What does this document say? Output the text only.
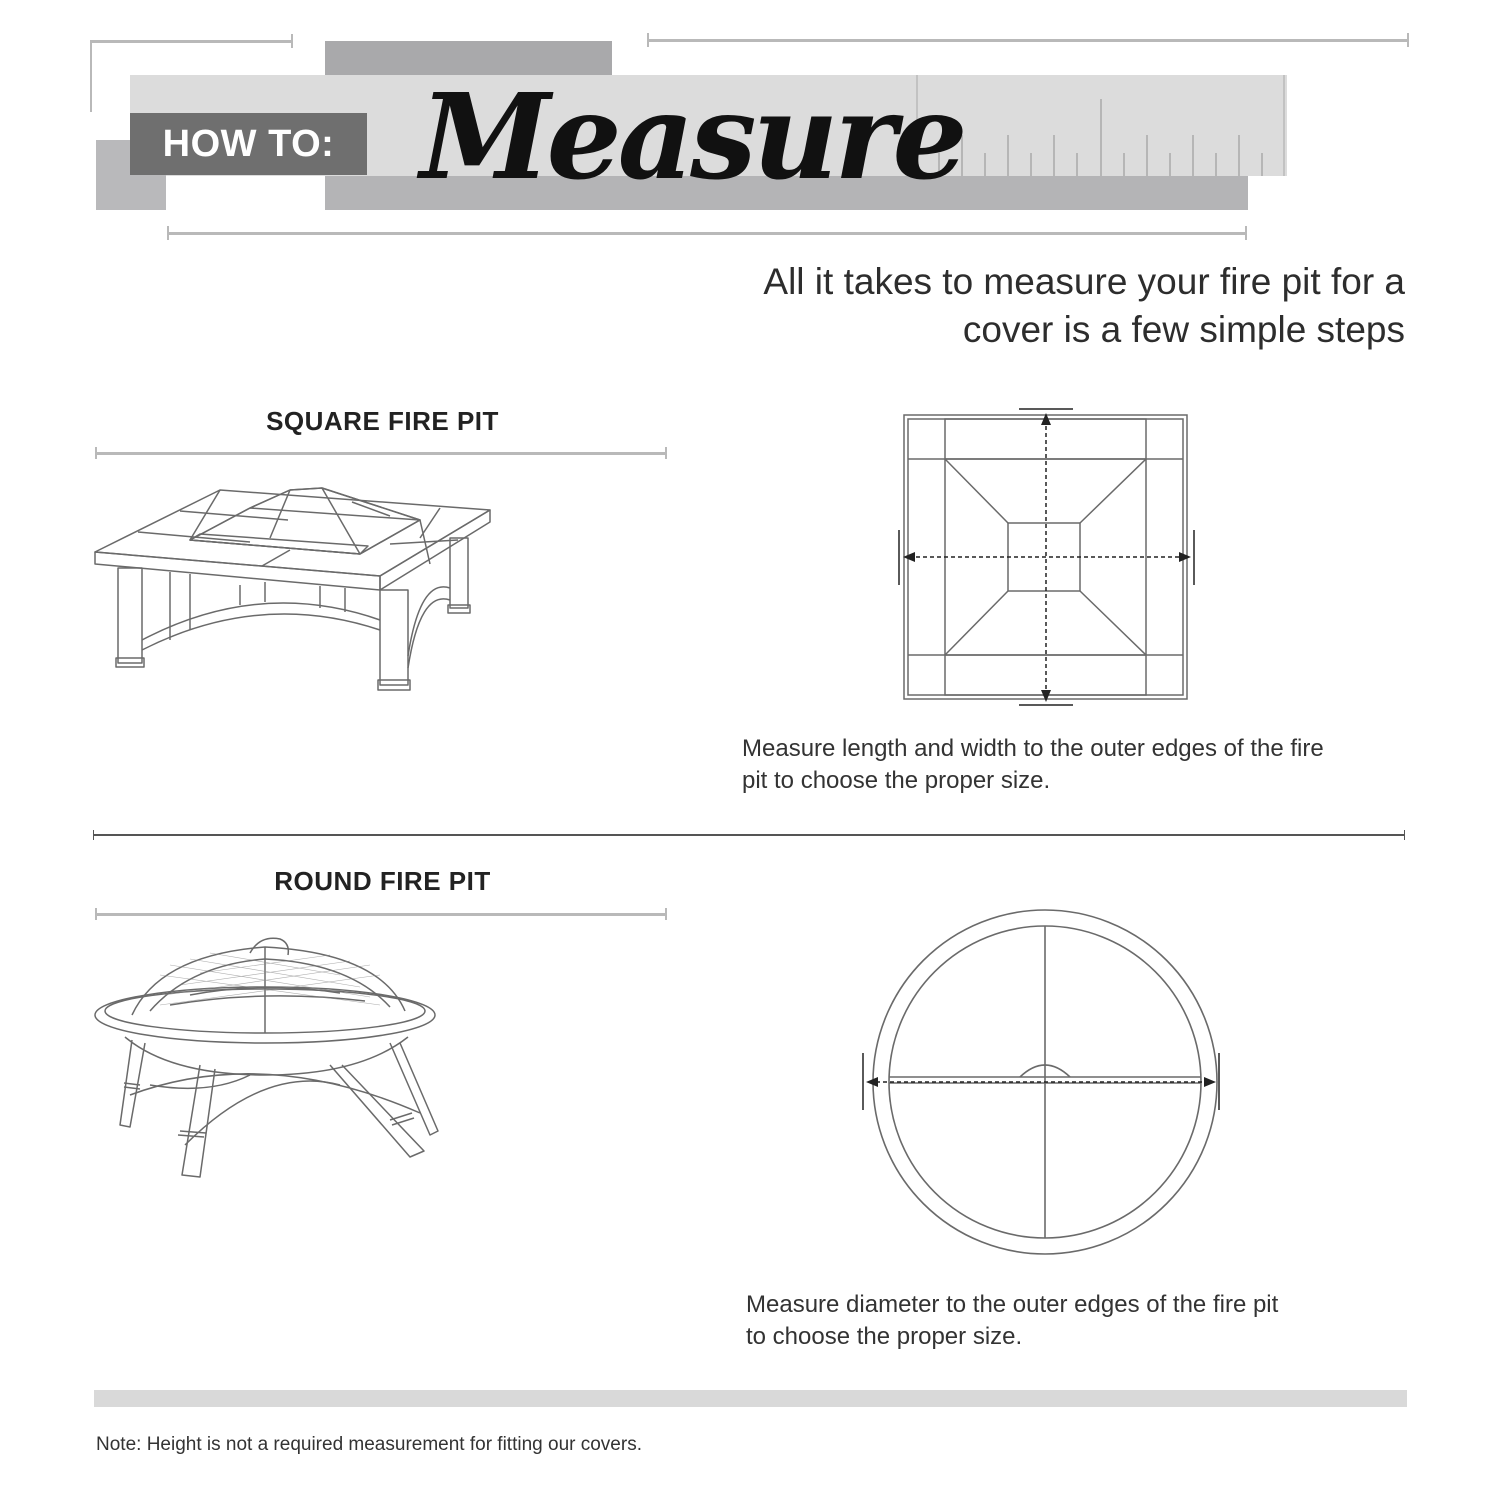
HOW TO: Measure
All it takes to measure your fire pit for a
cover is a few simple steps
SQUARE FIRE PIT
Measure length and width to the outer edges of the fire
pit to choose the proper size.
ROUND FIRE PIT
Measure diameter to the outer edges of the fire pit
to choose the proper size.
Note: Height is not a required measurement for fitting our covers.
